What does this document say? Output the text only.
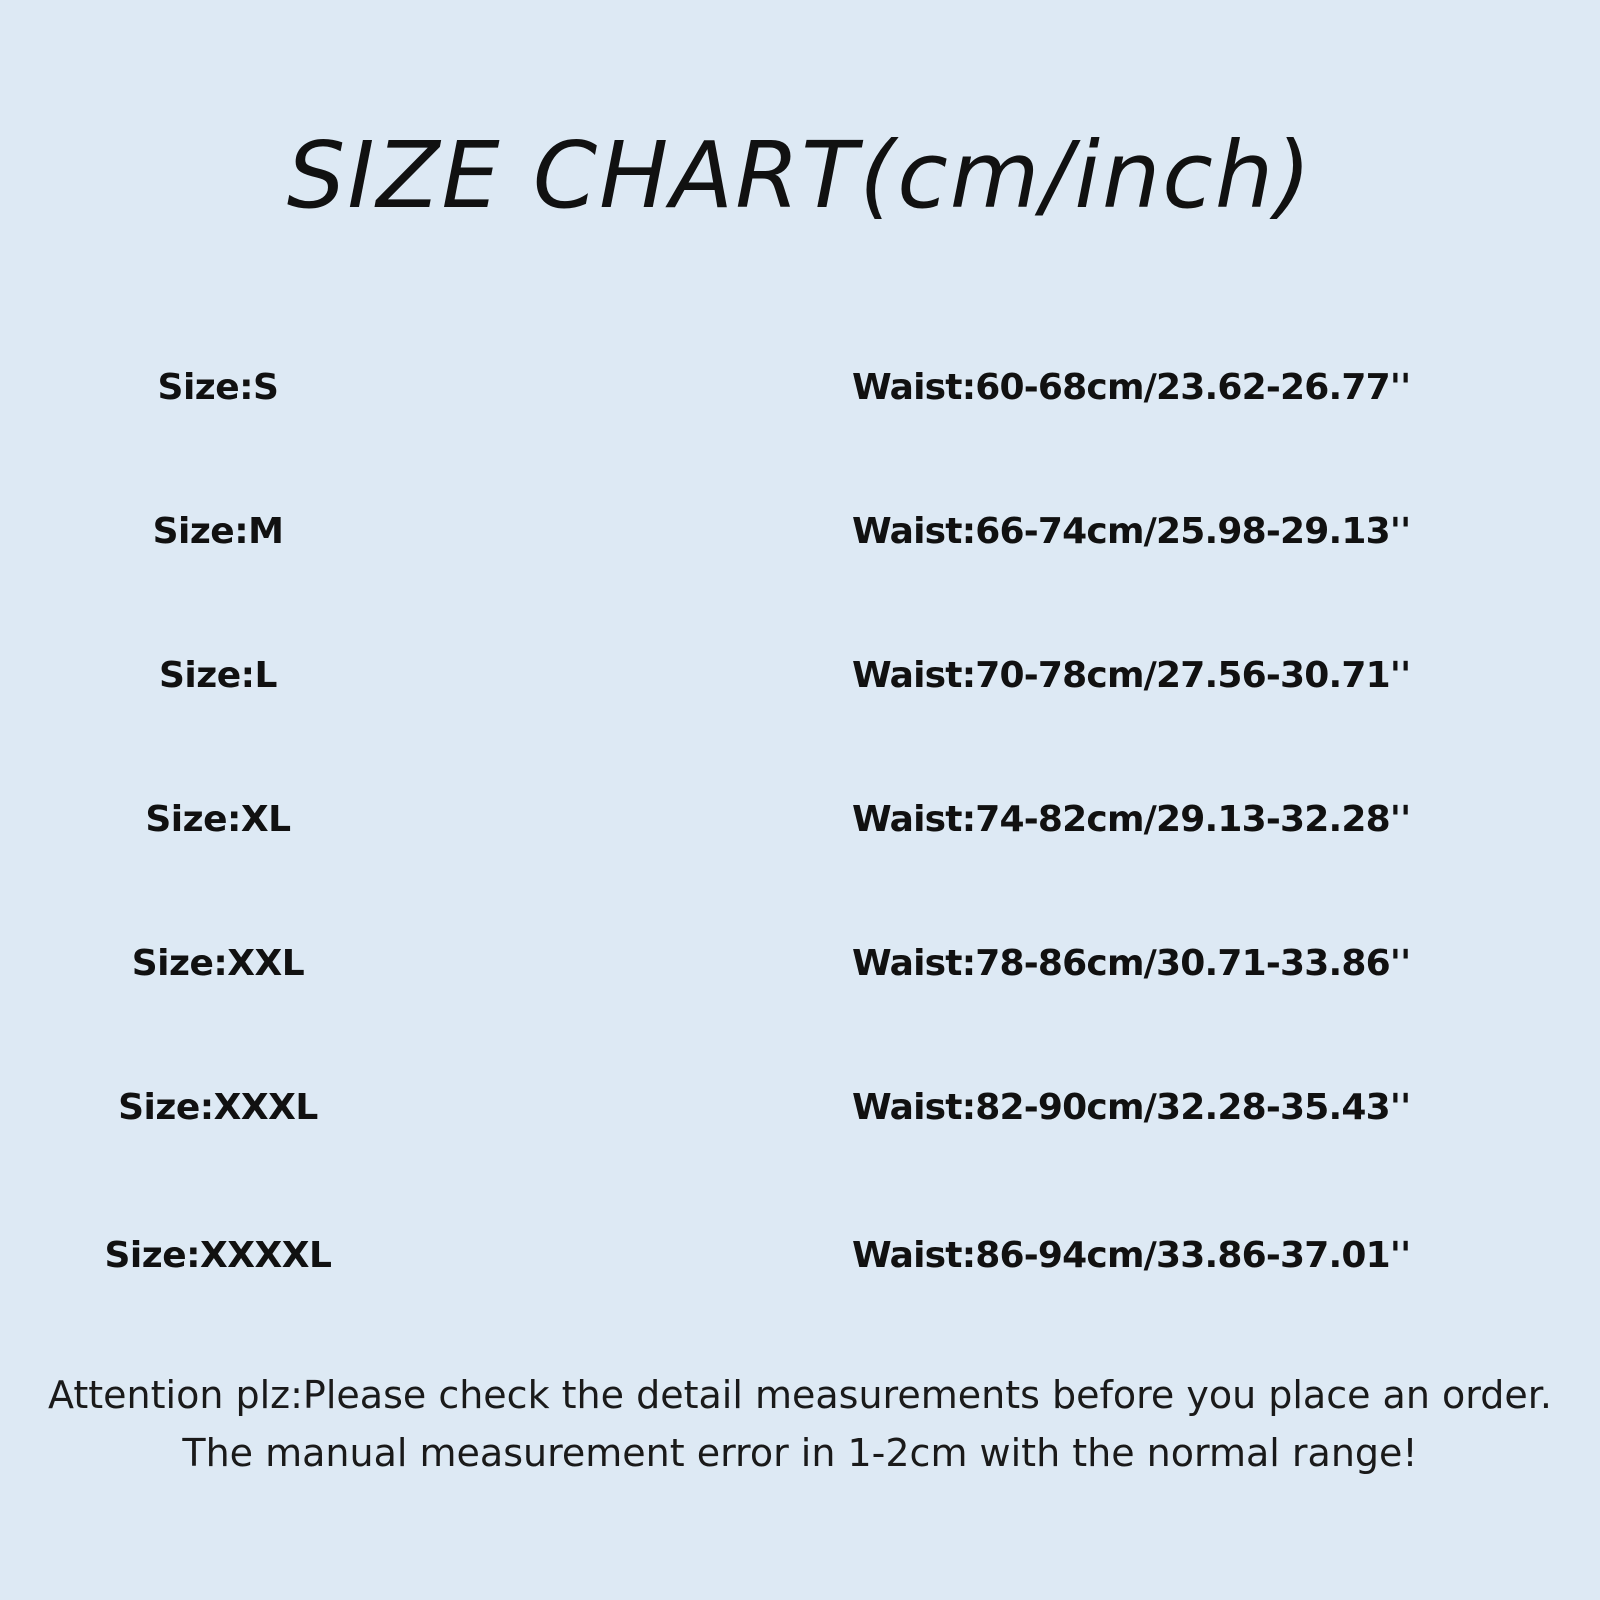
SIZE CHART(cm/inch)
Size:S	Waist:60-68cm/23.62-26.77''
Size:M	Waist:66-74cm/25.98-29.13''
Size:L	Waist:70-78cm/27.56-30.71''
Size:XL	Waist:74-82cm/29.13-32.28''
Size:XXL	Waist:78-86cm/30.71-33.86''
Size:XXXL	Waist:82-90cm/32.28-35.43''
Size:XXXXL	Waist:86-94cm/33.86-37.01''
Attention plz:Please check the detail measurements before you place an order.
The manual measurement error in 1-2cm with the normal range!
